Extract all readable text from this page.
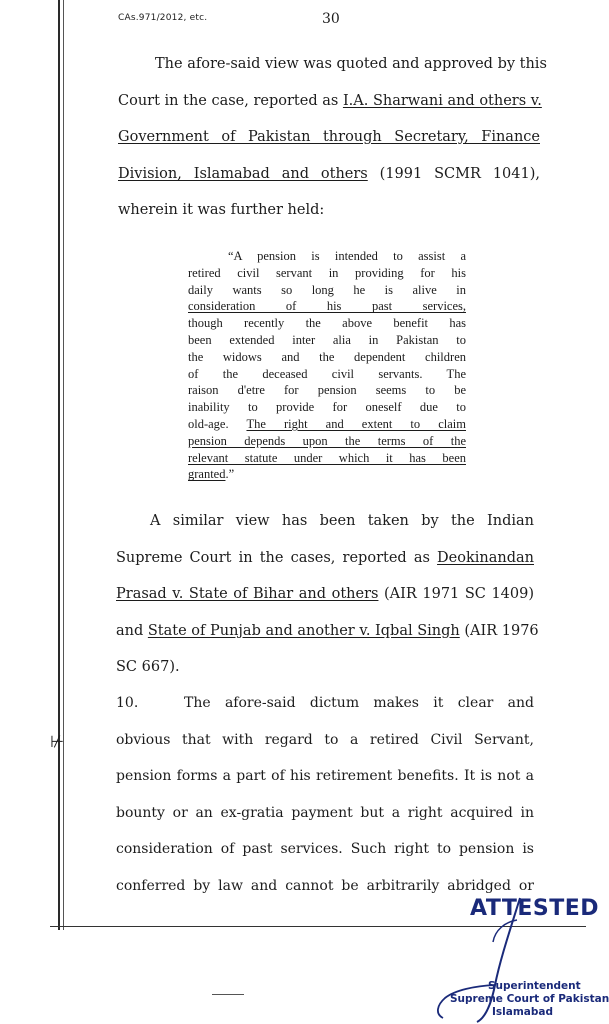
CAs.971/2012, etc.	30
The afore-said view was quoted and approved by this
Court in the case, reported as I.A. Sharwani and others v.
Government of Pakistan through Secretary, Finance
Division, Islamabad and others (1991 SCMR 1041),
wherein it was further held:
“A pension is intended to assist a
retired civil servant in providing for his
daily wants so long he is alive in
consideration of his past services,
though recently the above benefit has
been extended inter alia in Pakistan to
the widows and the dependent children
of the deceased civil servants. The
raison d'etre for pension seems to be
inability to provide for oneself due to
old-age. The right and extent to claim
pension depends upon the terms of the
relevant statute under which it has been
granted.”
A similar view has been taken by the Indian
Supreme Court in the cases, reported as Deokinandan
Prasad v. State of Bihar and others (AIR 1971 SC 1409)
and State of Punjab and another v. Iqbal Singh (AIR 1976
SC 667).
10.	The afore-said dictum makes it clear and
obvious that with regard to a retired Civil Servant,
pension forms a part of his retirement benefits. It is not a
bounty or an ex-gratia payment but a right acquired in
consideration of past services. Such right to pension is
conferred by law and cannot be arbitrarily abridged or
⊬
ATTESTED
Superintendent
Supreme Court of Pakistan
Islamabad
